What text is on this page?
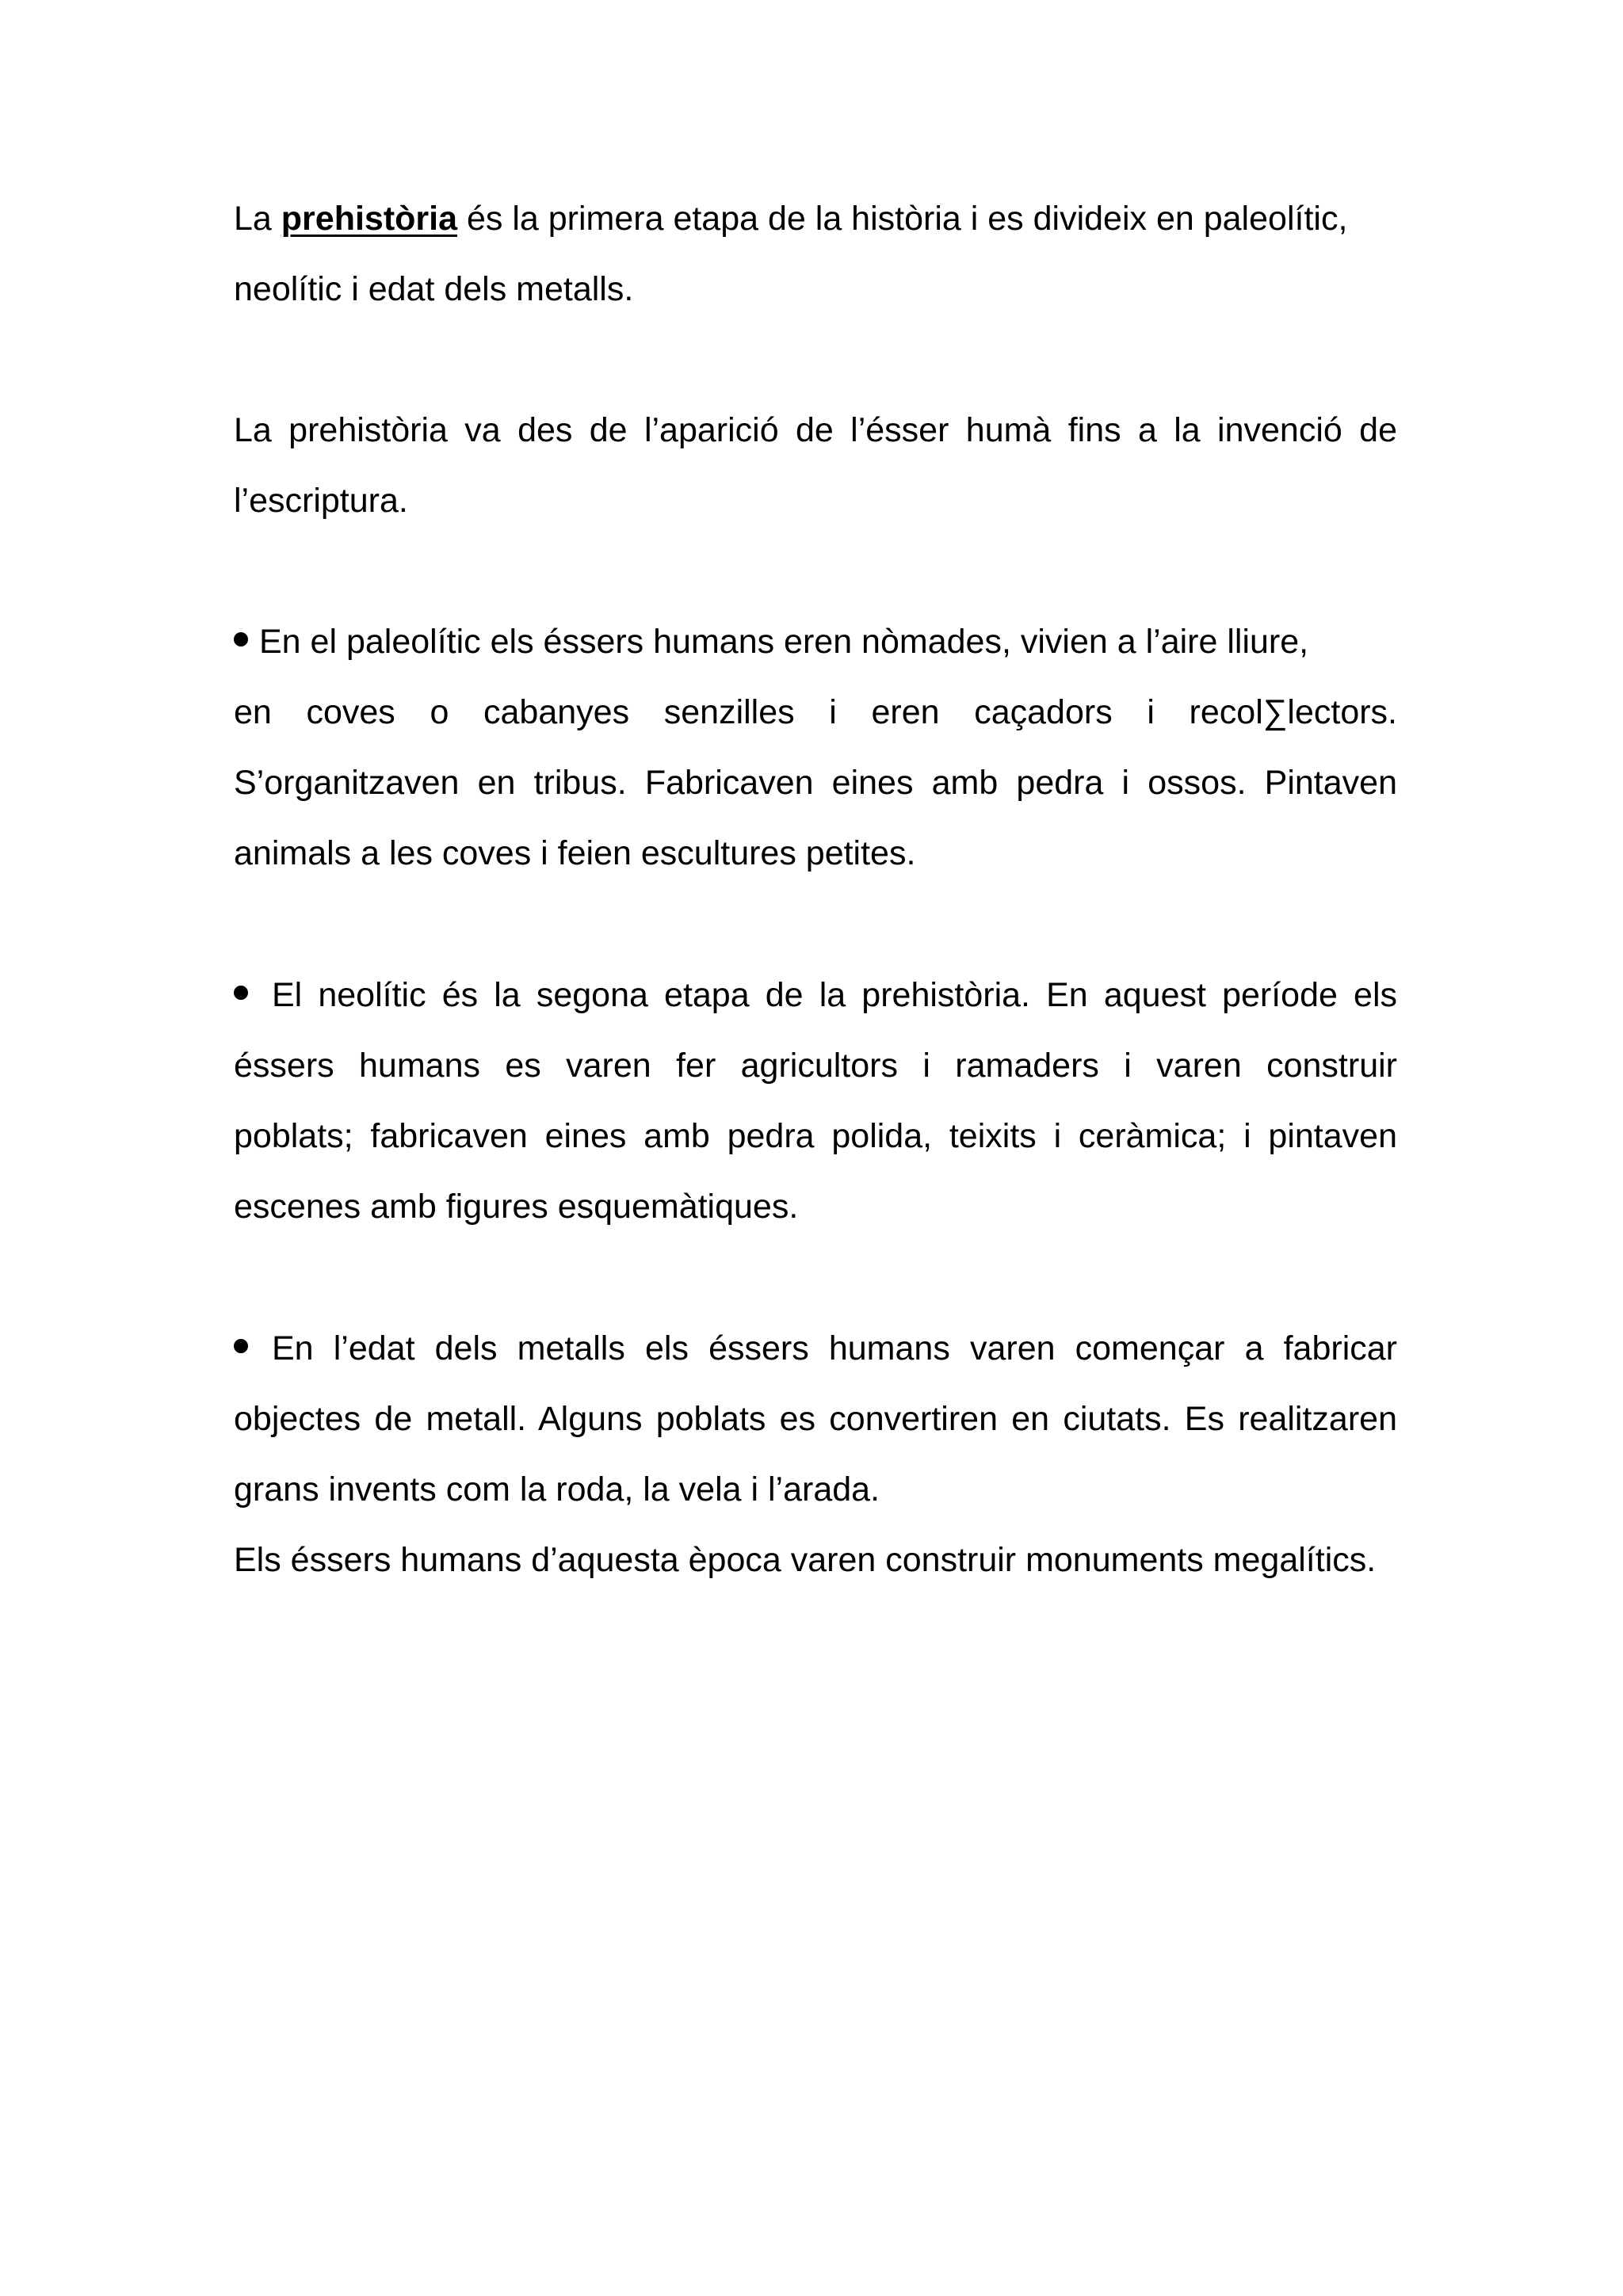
La prehistòria és la primera etapa de la història i es divideix en paleolític,
neolític i edat dels metalls.

La prehistòria va des de l’aparició de l’ésser humà fins a la invenció de
l’escriptura.

En el paleolític els éssers humans eren nòmades, vivien a l’aire lliure,
en coves o cabanyes senzilles i eren caçadors i recol∑lectors.
S’organitzaven en tribus. Fabricaven eines amb pedra i ossos. Pintaven
animals a les coves i feien escultures petites.

El neolític és la segona etapa de la prehistòria. En aquest període els
éssers humans es varen fer agricultors i ramaders i varen construir
poblats; fabricaven eines amb pedra polida, teixits i ceràmica; i pintaven
escenes amb figures esquemàtiques.

En l’edat dels metalls els éssers humans varen començar a fabricar
objectes de metall. Alguns poblats es convertiren en ciutats. Es realitzaren
grans invents com la roda, la vela i l’arada.
Els éssers humans d’aquesta època varen construir monuments megalítics.
